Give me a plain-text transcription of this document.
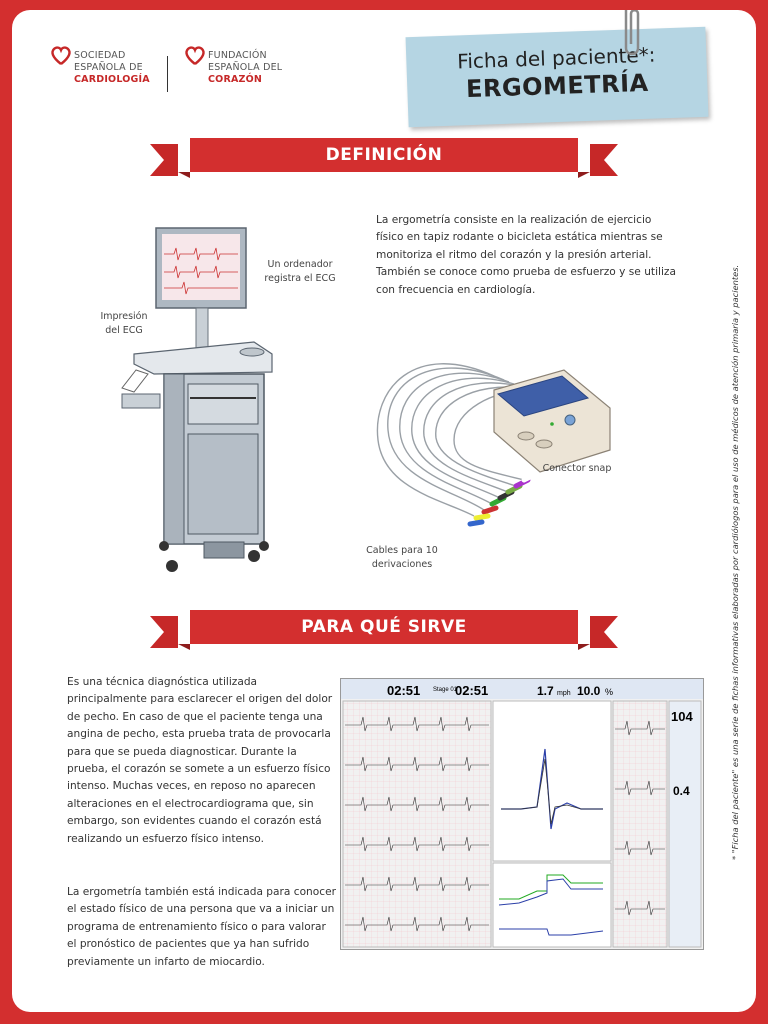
SOCIEDAD
ESPAÑOLA DE
CARDIOLOGÍA
FUNDACIÓN
ESPAÑOLA DEL
CORAZÓN
Ficha del paciente*:
ERGOMETRÍA
DEFINICIÓN
Un ordenador registra el ECG
Impresión del ECG
La ergometría consiste en la realización de ejercicio físico en tapiz rodante o bicicleta estática mientras se monitoriza el ritmo del corazón y la presión arterial. También se conoce como prueba de esfuerzo y se utiliza con frecuencia en cardiología.
Conector snap
Cables para 10 derivaciones
PARA QUÉ SIRVE
Es una técnica diagnóstica utilizada principalmente para esclarecer el origen del dolor de pecho. En caso de que el paciente tenga una angina de pecho, esta prueba trata de provocarla para que se pueda diagnosticar. Durante la prueba, el corazón se somete a un esfuerzo físico intenso. Muchas veces, en reposo no aparecen alteraciones en el electrocardiograma que, sin embargo, son evidentes cuando el corazón está realizando un esfuerzo físico intenso.
La ergometría también está indicada para conocer el estado físico de una persona que va a iniciar un programa de entrenamiento físico o para valorar el pronóstico de pacientes que ya han sufrido previamente un infarto de miocardio.
02:51 Stage 01
02:51	1.7 mph 10.0 %
104
0.4	* "Ficha del paciente" es una serie de fichas informativas elaboradas por cardiólogos para el uso de médicos de atención primaria y pacientes.
